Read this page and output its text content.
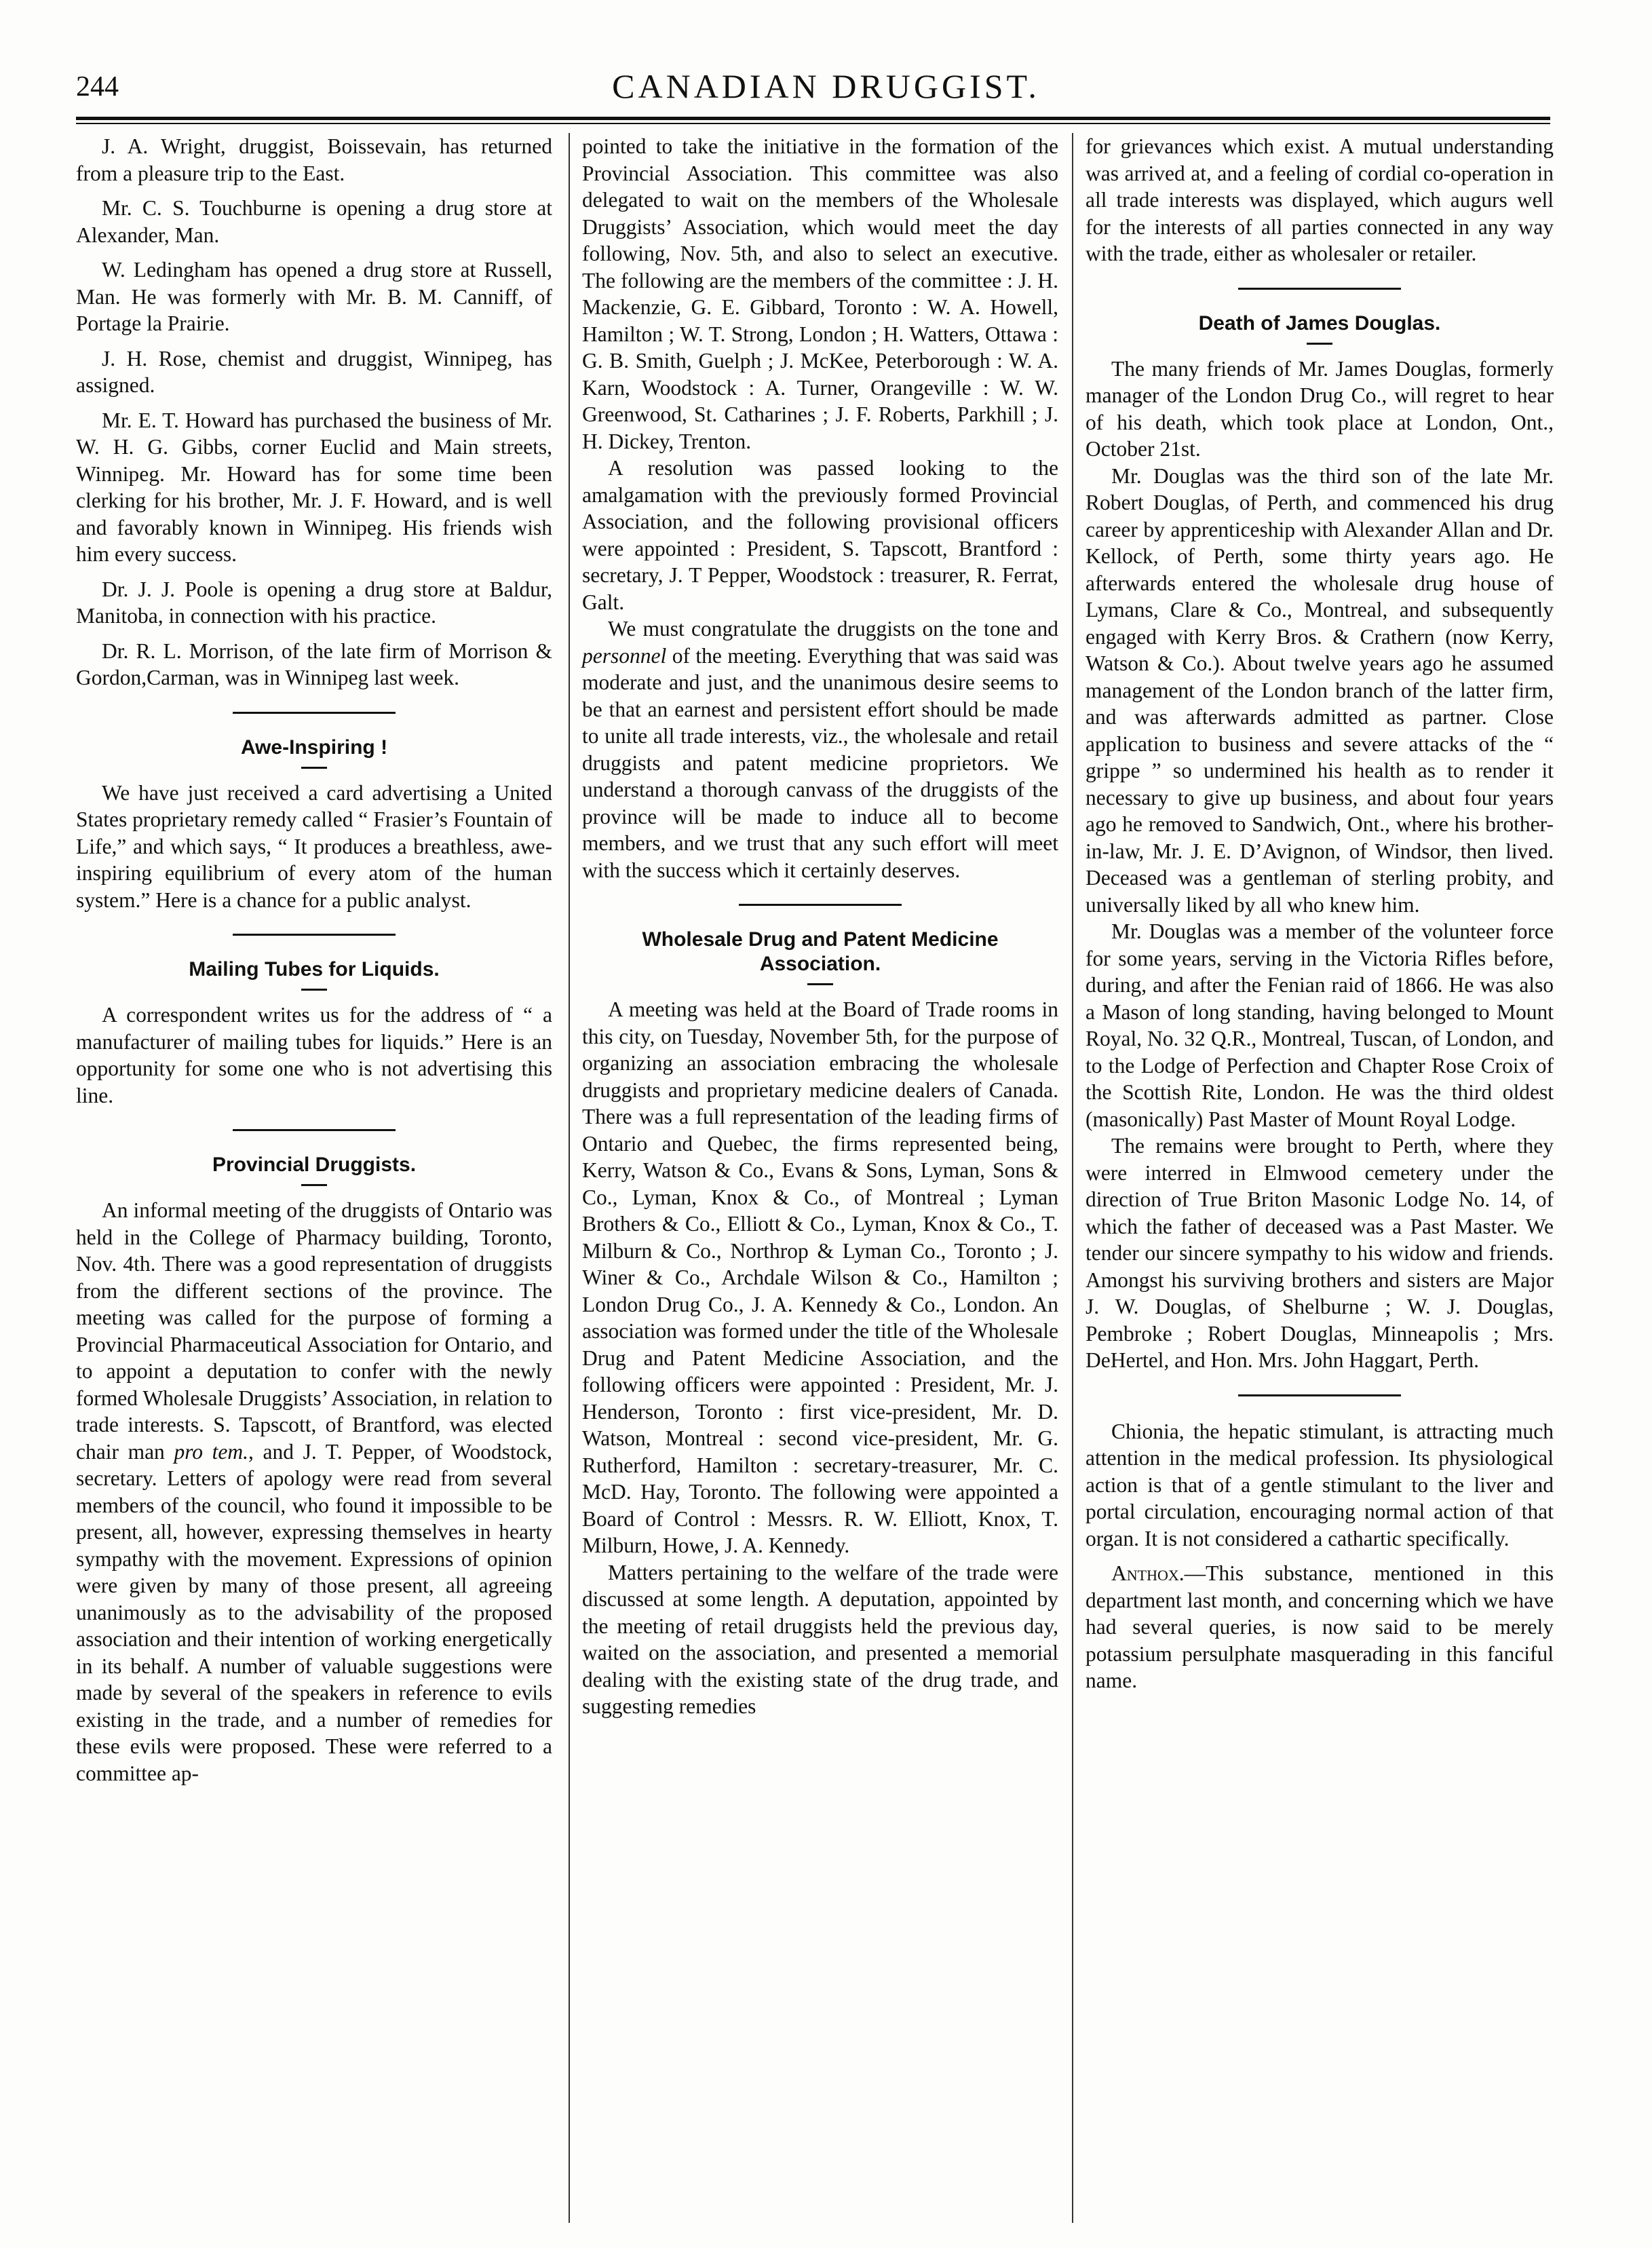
244	CANADIAN DRUGGIST.

J. A. Wright, druggist, Boissevain, has returned from a pleasure trip to the East.

Mr. C. S. Touchburne is opening a drug store at Alexander, Man.

W. Ledingham has opened a drug store at Russell, Man. He was formerly with Mr. B. M. Canniff, of Portage la Prairie.

J. H. Rose, chemist and druggist, Winnipeg, has assigned.

Mr. E. T. Howard has purchased the business of Mr. W. H. G. Gibbs, corner Euclid and Main streets, Winnipeg. Mr. Howard has for some time been clerking for his brother, Mr. J. F. Howard, and is well and favorably known in Winnipeg. His friends wish him every success.

Dr. J. J. Poole is opening a drug store at Baldur, Manitoba, in connection with his practice.

Dr. R. L. Morrison, of the late firm of Morrison & Gordon,Carman, was in Winnipeg last week.

Awe-Inspiring !

We have just received a card advertising a United States proprietary remedy called “ Frasier’s Fountain of Life,” and which says, “ It produces a breathless, awe-inspiring equilibrium of every atom of the human system.” Here is a chance for a public analyst.

Mailing Tubes for Liquids.

A correspondent writes us for the address of “ a manufacturer of mailing tubes for liquids.” Here is an opportunity for some one who is not advertising this line.

Provincial Druggists.

An informal meeting of the druggists of Ontario was held in the College of Pharmacy building, Toronto, Nov. 4th. There was a good representation of druggists from the different sections of the province. The meeting was called for the purpose of forming a Provincial Pharmaceutical Association for Ontario, and to appoint a deputation to confer with the newly formed Wholesale Druggists’ Association, in relation to trade interests. S. Tapscott, of Brantford, was elected chair man pro tem., and J. T. Pepper, of Woodstock, secretary. Letters of apology were read from several members of the council, who found it impossible to be present, all, however, expressing themselves in hearty sympathy with the movement. Expressions of opinion were given by many of those present, all agreeing unanimously as to the advisability of the proposed association and their intention of working energetically in its behalf. A number of valuable suggestions were made by several of the speakers in reference to evils existing in the trade, and a number of remedies for these evils were proposed. These were referred to a committee ap-

pointed to take the initiative in the formation of the Provincial Association. This committee was also delegated to wait on the members of the Wholesale Druggists’ Association, which would meet the day following, Nov. 5th, and also to select an executive. The following are the members of the committee : J. H. Mackenzie, G. E. Gibbard, Toronto : W. A. Howell, Hamilton ; W. T. Strong, London ; H. Watters, Ottawa : G. B. Smith, Guelph ; J. McKee, Peterborough : W. A. Karn, Woodstock : A. Turner, Orangeville : W. W. Greenwood, St. Catharines ; J. F. Roberts, Parkhill ; J. H. Dickey, Trenton.

A resolution was passed looking to the amalgamation with the previously formed Provincial Association, and the following provisional officers were appointed : President, S. Tapscott, Brantford : secretary, J. T Pepper, Woodstock : treasurer, R. Ferrat, Galt.

We must congratulate the druggists on the tone and personnel of the meeting. Everything that was said was moderate and just, and the unanimous desire seems to be that an earnest and persistent effort should be made to unite all trade interests, viz., the wholesale and retail druggists and patent medicine proprietors. We understand a thorough canvass of the druggists of the province will be made to induce all to become members, and we trust that any such effort will meet with the success which it certainly deserves.

Wholesale Drug and Patent Medicine
Association.

A meeting was held at the Board of Trade rooms in this city, on Tuesday, November 5th, for the purpose of organizing an association embracing the wholesale druggists and proprietary medicine dealers of Canada. There was a full representation of the leading firms of Ontario and Quebec, the firms represented being, Kerry, Watson & Co., Evans & Sons, Lyman, Sons & Co., Lyman, Knox & Co., of Montreal ; Lyman Brothers & Co., Elliott & Co., Lyman, Knox & Co., T. Milburn & Co., Northrop & Lyman Co., Toronto ; J. Winer & Co., Archdale Wilson & Co., Hamilton ; London Drug Co., J. A. Kennedy & Co., London. An association was formed under the title of the Wholesale Drug and Patent Medicine Association, and the following officers were appointed : President, Mr. J. Henderson, Toronto : first vice-president, Mr. D. Watson, Montreal : second vice-president, Mr. G. Rutherford, Hamilton : secretary-treasurer, Mr. C. McD. Hay, Toronto. The following were appointed a Board of Control : Messrs. R. W. Elliott, Knox, T. Milburn, Howe, J. A. Kennedy.

Matters pertaining to the welfare of the trade were discussed at some length. A deputation, appointed by the meeting of retail druggists held the previous day, waited on the association, and presented a memorial dealing with the existing state of the drug trade, and suggesting remedies

for grievances which exist. A mutual understanding was arrived at, and a feeling of cordial co-operation in all trade interests was displayed, which augurs well for the interests of all parties connected in any way with the trade, either as wholesaler or retailer.

Death of James Douglas.

The many friends of Mr. James Douglas, formerly manager of the London Drug Co., will regret to hear of his death, which took place at London, Ont., October 21st.

Mr. Douglas was the third son of the late Mr. Robert Douglas, of Perth, and commenced his drug career by apprenticeship with Alexander Allan and Dr. Kellock, of Perth, some thirty years ago. He afterwards entered the wholesale drug house of Lymans, Clare & Co., Montreal, and subsequently engaged with Kerry Bros. & Crathern (now Kerry, Watson & Co.). About twelve years ago he assumed management of the London branch of the latter firm, and was afterwards admitted as partner. Close application to business and severe attacks of the “ grippe ” so undermined his health as to render it necessary to give up business, and about four years ago he removed to Sandwich, Ont., where his brother-in-law, Mr. J. E. D’Avignon, of Windsor, then lived. Deceased was a gentleman of sterling probity, and universally liked by all who knew him.

Mr. Douglas was a member of the volunteer force for some years, serving in the Victoria Rifles before, during, and after the Fenian raid of 1866. He was also a Mason of long standing, having belonged to Mount Royal, No. 32 Q.R., Montreal, Tuscan, of London, and to the Lodge of Perfection and Chapter Rose Croix of the Scottish Rite, London. He was the third oldest (masonically) Past Master of Mount Royal Lodge.

The remains were brought to Perth, where they were interred in Elmwood cemetery under the direction of True Briton Masonic Lodge No. 14, of which the father of deceased was a Past Master. We tender our sincere sympathy to his widow and friends. Amongst his surviving brothers and sisters are Major J. W. Douglas, of Shelburne ; W. J. Douglas, Pembroke ; Robert Douglas, Minneapolis ; Mrs. DeHertel, and Hon. Mrs. John Haggart, Perth.

Chionia, the hepatic stimulant, is attracting much attention in the medical profession. Its physiological action is that of a gentle stimulant to the liver and portal circulation, encouraging normal action of that organ. It is not considered a cathartic specifically.

Anthox.—This substance, mentioned in this department last month, and concerning which we have had several queries, is now said to be merely potassium persulphate masquerading in this fanciful name.
